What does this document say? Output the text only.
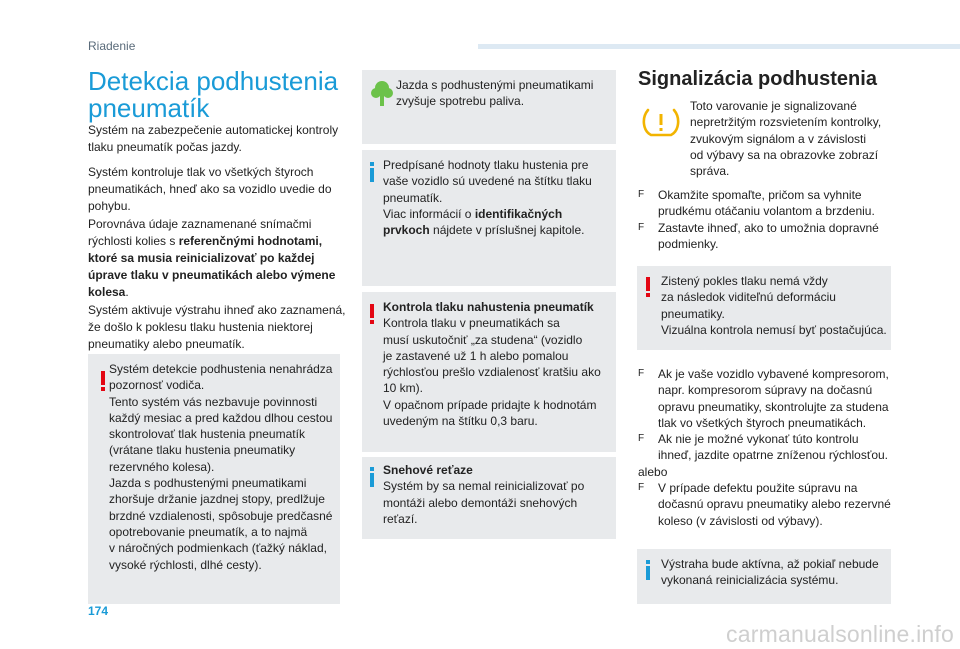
Riadenie
Detekcia podhustenia
pneumatík
Systém na zabezpečenie automatickej kontroly tlaku pneumatík počas jazdy.
Systém kontroluje tlak vo všetkých štyroch pneumatikách, hneď ako sa vozidlo uvedie do pohybu.
Porovnáva údaje zaznamenané snímačmi rýchlosti kolies s referenčnými hodnotami, ktoré sa musia reinicializovať po každej úprave tlaku v pneumatikách alebo výmene kolesa.
Systém aktivuje výstrahu ihneď ako zaznamená, že došlo k poklesu tlaku hustenia niektorej pneumatiky alebo pneumatík.
Systém detekcie podhustenia nenahrádza
pozornosť vodiča.
Tento systém vás nezbavuje povinnosti
každý mesiac a pred každou dlhou cestou
skontrolovať tlak hustenia pneumatík
(vrátane tlaku hustenia pneumatiky
rezervného kolesa).
Jazda s podhustenými pneumatikami
zhoršuje držanie jazdnej stopy, predlžuje
brzdné vzdialenosti, spôsobuje predčasné
opotrebovanie pneumatík, a to najmä
v náročných podmienkach (ťažký náklad,
vysoké rýchlosti, dlhé cesty).
Jazda s podhustenými pneumatikami
zvyšuje spotrebu paliva.
Predpísané hodnoty tlaku hustenia pre
vaše vozidlo sú uvedené na štítku tlaku
pneumatík.
Viac informácií o identifikačných
prvkoch nájdete v príslušnej kapitole.
Kontrola tlaku nahustenia pneumatík
Kontrola tlaku v pneumatikách sa
musí uskutočniť „za studena“ (vozidlo
je zastavené už 1 h alebo pomalou
rýchlosťou prešlo vzdialenosť kratšiu ako
10 km).
V opačnom prípade pridajte k hodnotám
uvedeným na štítku 0,3 baru.
Snehové reťaze
Systém by sa nemal reinicializovať po
montáži alebo demontáži snehových
reťazí.
Signalizácia podhustenia
Toto varovanie je signalizované
nepretržitým rozsvietením kontrolky,
zvukovým signálom a v závislosti
od výbavy sa na obrazovke zobrazí
správa.
F Okamžite spomaľte, pričom sa vyhnite
prudkému otáčaniu volantom a brzdeniu.
F Zastavte ihneď, ako to umožnia dopravné
podmienky.
Zistený pokles tlaku nemá vždy
za následok viditeľnú deformáciu
pneumatiky.
Vizuálna kontrola nemusí byť postačujúca.
F Ak je vaše vozidlo vybavené kompresorom,
napr. kompresorom súpravy na dočasnú
opravu pneumatiky, skontrolujte za studena
tlak vo všetkých štyroch pneumatikách.
F Ak nie je možné vykonať túto kontrolu
ihneď, jazdite opatrne zníženou rýchlosťou.
alebo
F V prípade defektu použite súpravu na
dočasnú opravu pneumatiky alebo rezervné
koleso (v závislosti od výbavy).
Výstraha bude aktívna, až pokiaľ nebude
vykonaná reinicializácia systému.
174
carmanualsonline.info
